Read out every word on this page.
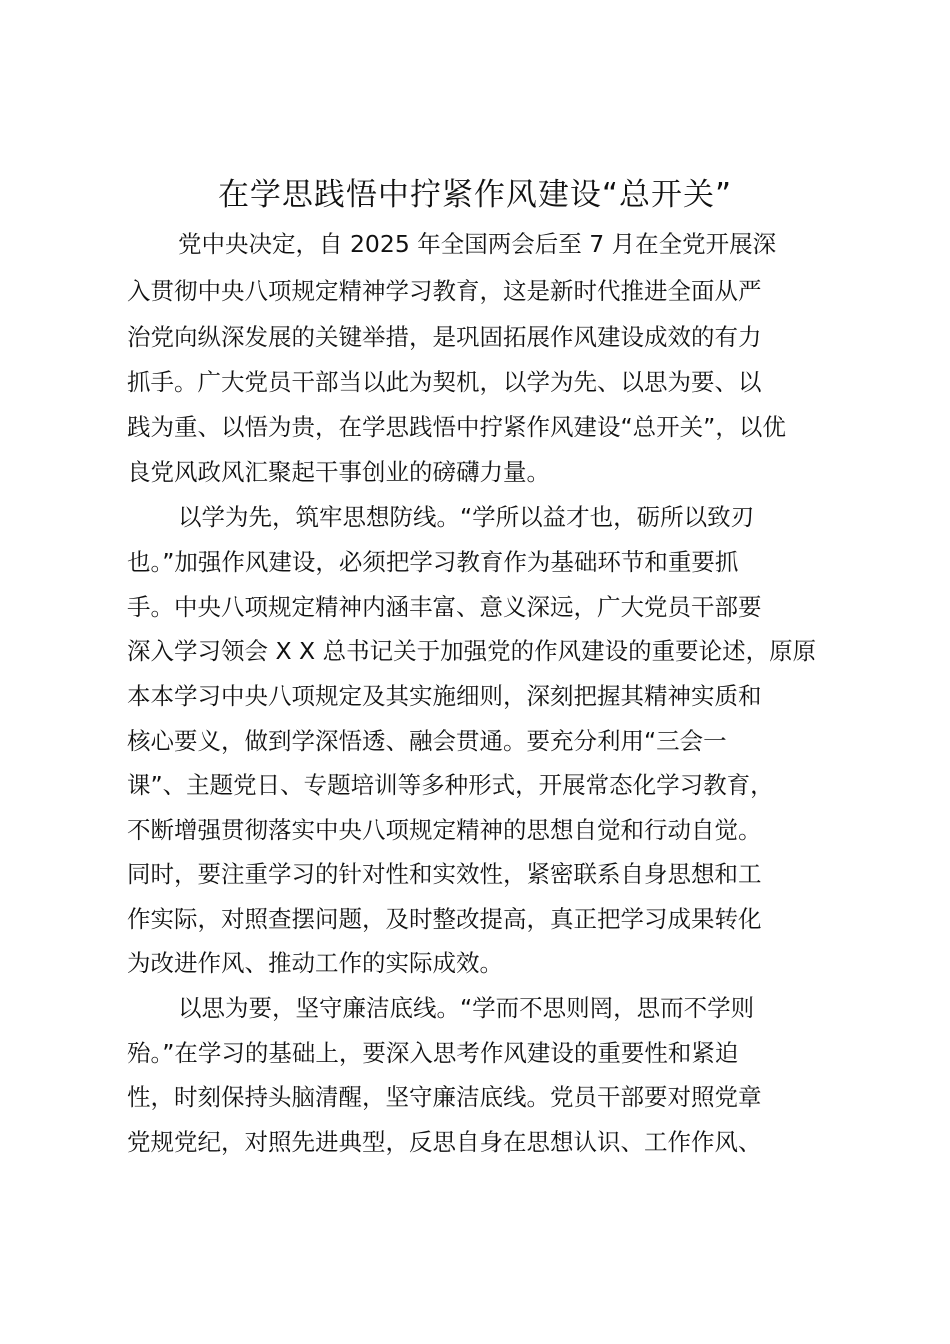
在学思践悟中拧紧作风建设“总开关”
党中央决定，自 2025 年全国两会后至 7 月在全党开展深
入贯彻中央八项规定精神学习教育，这是新时代推进全面从严
治党向纵深发展的关键举措，是巩固拓展作风建设成效的有力
抓手。广大党员干部当以此为契机，以学为先、以思为要、以
践为重、以悟为贵，在学思践悟中拧紧作风建设“总开关”，以优
良党风政风汇聚起干事创业的磅礴力量。
以学为先，筑牢思想防线。“学所以益才也，砺所以致刃
也。”加强作风建设，必须把学习教育作为基础环节和重要抓
手。中央八项规定精神内涵丰富、意义深远，广大党员干部要
深入学习领会 X X 总书记关于加强党的作风建设的重要论述，原原
本本学习中央八项规定及其实施细则，深刻把握其精神实质和
核心要义，做到学深悟透、融会贯通。要充分利用“三会一
课”、主题党日、专题培训等多种形式，开展常态化学习教育，
不断增强贯彻落实中央八项规定精神的思想自觉和行动自觉。
同时，要注重学习的针对性和实效性，紧密联系自身思想和工
作实际，对照查摆问题，及时整改提高，真正把学习成果转化
为改进作风、推动工作的实际成效。
以思为要，坚守廉洁底线。“学而不思则罔，思而不学则
殆。”在学习的基础上，要深入思考作风建设的重要性和紧迫
性，时刻保持头脑清醒，坚守廉洁底线。党员干部要对照党章
党规党纪，对照先进典型，反思自身在思想认识、工作作风、
